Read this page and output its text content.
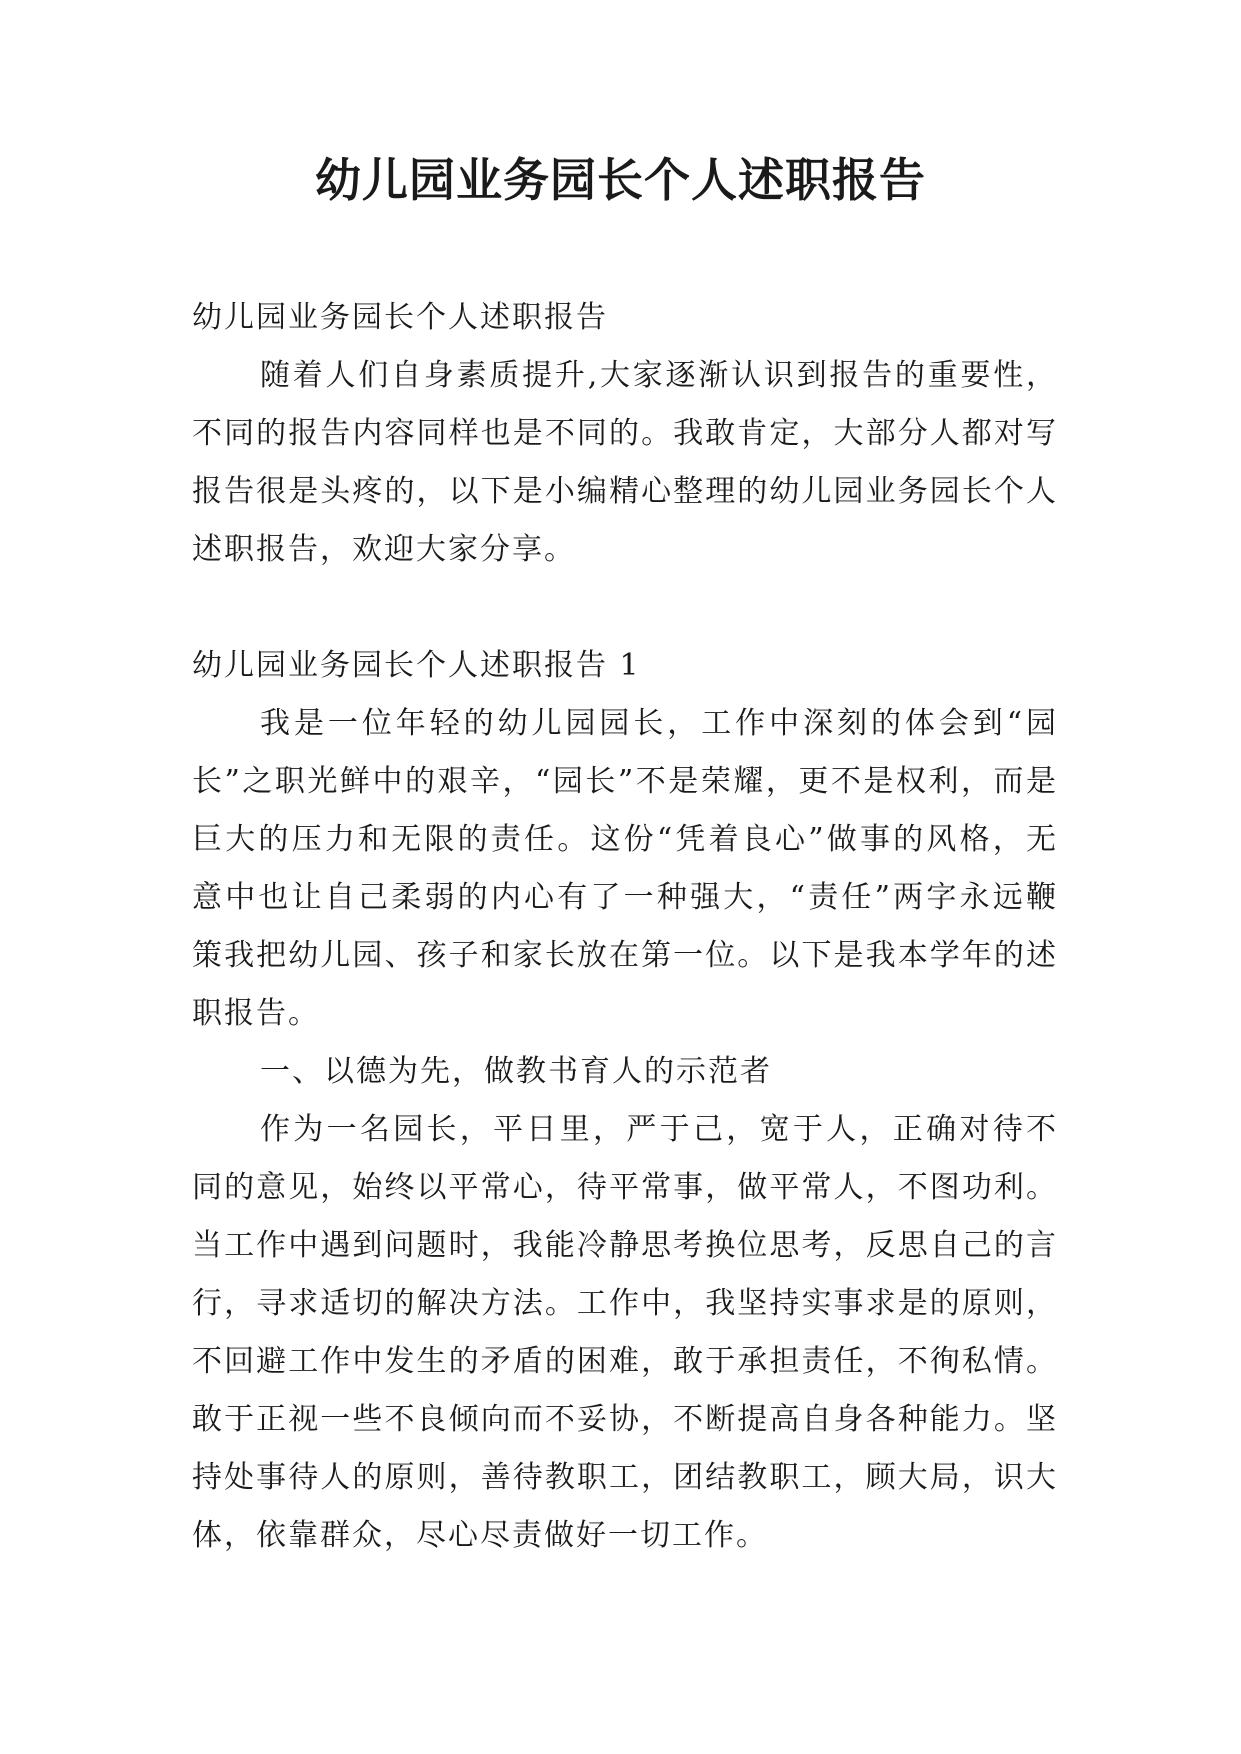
幼儿园业务园长个人述职报告

幼儿园业务园长个人述职报告

随着人们自身素质提升,大家逐渐认识到报告的重要性，不同的报告内容同样也是不同的。我敢肯定，大部分人都对写报告很是头疼的，以下是小编精心整理的幼儿园业务园长个人述职报告，欢迎大家分享。

幼儿园业务园长个人述职报告 1

我是一位年轻的幼儿园园长，工作中深刻的体会到“园长”之职光鲜中的艰辛，“园长”不是荣耀，更不是权利，而是巨大的压力和无限的责任。这份“凭着良心”做事的风格，无意中也让自己柔弱的内心有了一种强大，“责任”两字永远鞭策我把幼儿园、孩子和家长放在第一位。以下是我本学年的述职报告。

一、以德为先，做教书育人的示范者

作为一名园长，平日里，严于己，宽于人，正确对待不同的意见，始终以平常心，待平常事，做平常人，不图功利。当工作中遇到问题时，我能冷静思考换位思考，反思自己的言行，寻求适切的解决方法。工作中，我坚持实事求是的原则，不回避工作中发生的矛盾的困难，敢于承担责任，不徇私情。敢于正视一些不良倾向而不妥协，不断提高自身各种能力。坚持处事待人的原则，善待教职工，团结教职工，顾大局，识大体，依靠群众，尽心尽责做好一切工作。
